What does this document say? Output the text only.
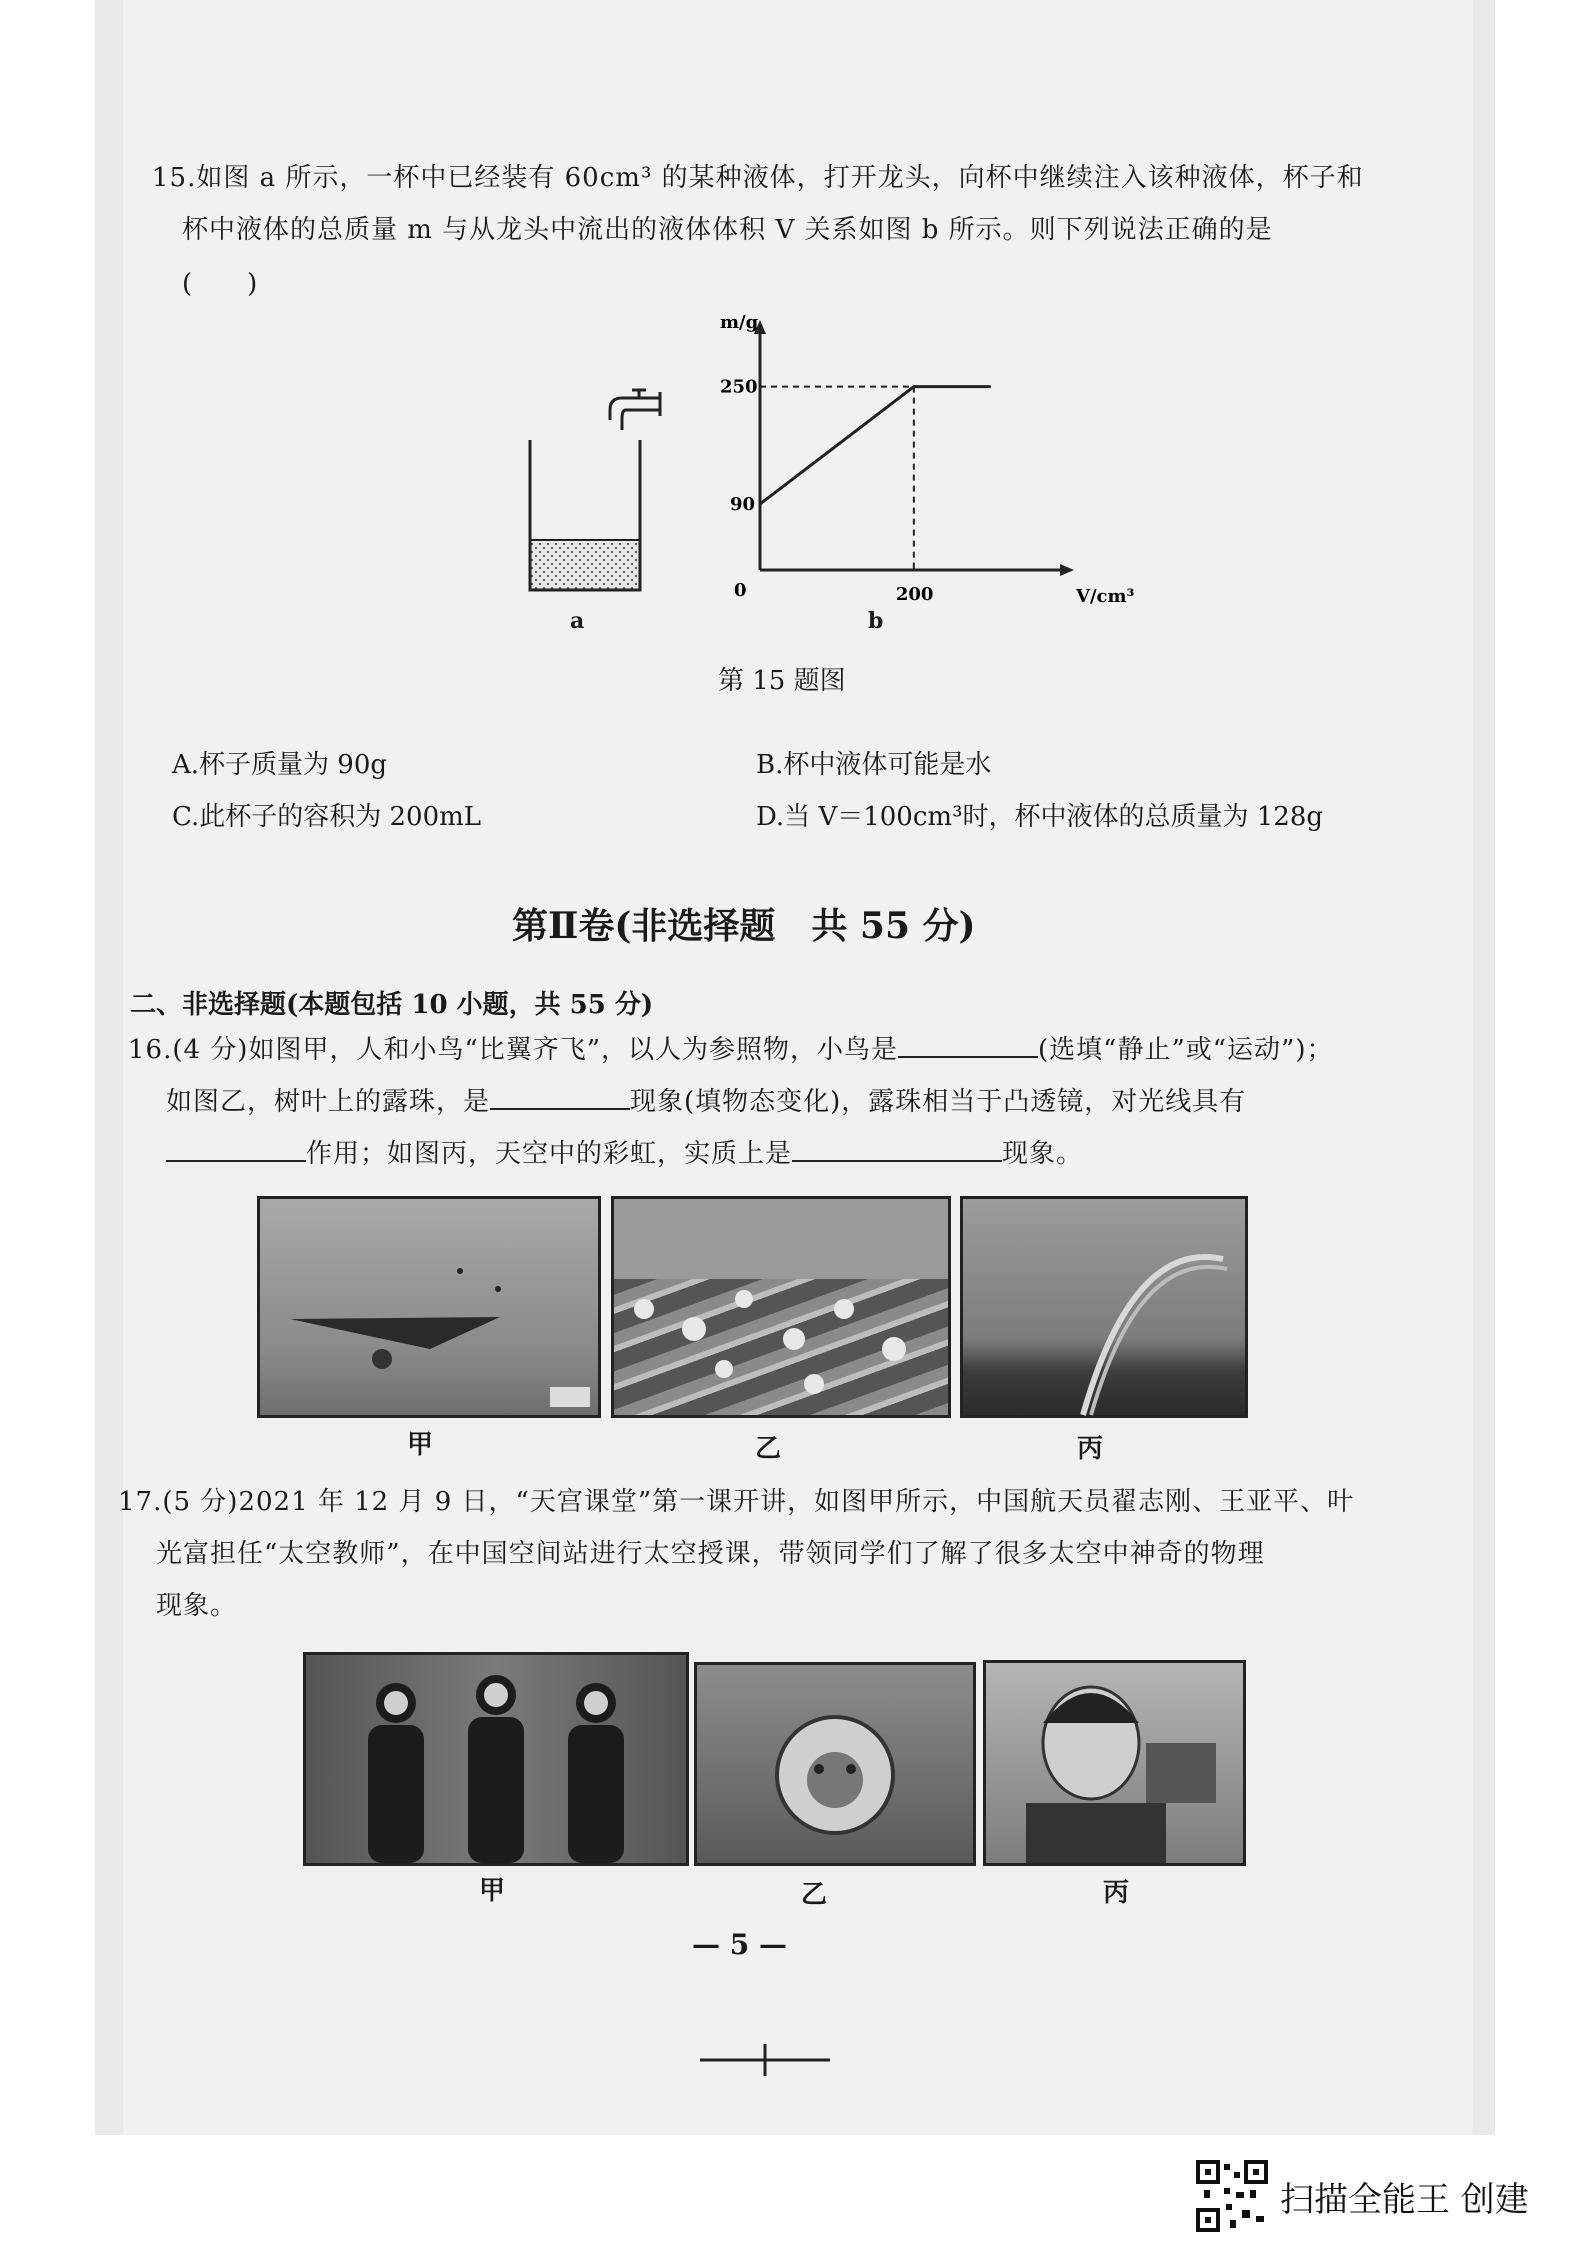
15.如图 a 所示，一杯中已经装有 60cm³ 的某种液体，打开龙头，向杯中继续注入该种液体，杯子和
杯中液体的总质量 m 与从龙头中流出的液体体积 V 关系如图 b 所示。则下列说法正确的是
(　　)
a
m/g
V/cm³
0
250
90
200
b
第 15 题图
A.杯子质量为 90g	B.杯中液体可能是水
C.此杯子的容积为 200mL	D.当 V＝100cm³时，杯中液体的总质量为 128g
第Ⅱ卷(非选择题　共 55 分)
二、非选择题(本题包括 10 小题，共 55 分)
16.(4 分)如图甲，人和小鸟“比翼齐飞”，以人为参照物，小鸟是	(选填“静止”或“运动”)；
如图乙，树叶上的露珠，是	现象(填物态变化)，露珠相当于凸透镜，对光线具有
作用；如图丙，天空中的彩虹，实质上是	现象。
甲	乙	丙
17.(5 分)2021 年 12 月 9 日，“天宫课堂”第一课开讲，如图甲所示，中国航天员翟志刚、王亚平、叶
光富担任“太空教师”，在中国空间站进行太空授课，带领同学们了解了很多太空中神奇的物理
现象。
甲	乙	丙
— 5 —
扫描全能王 创建
